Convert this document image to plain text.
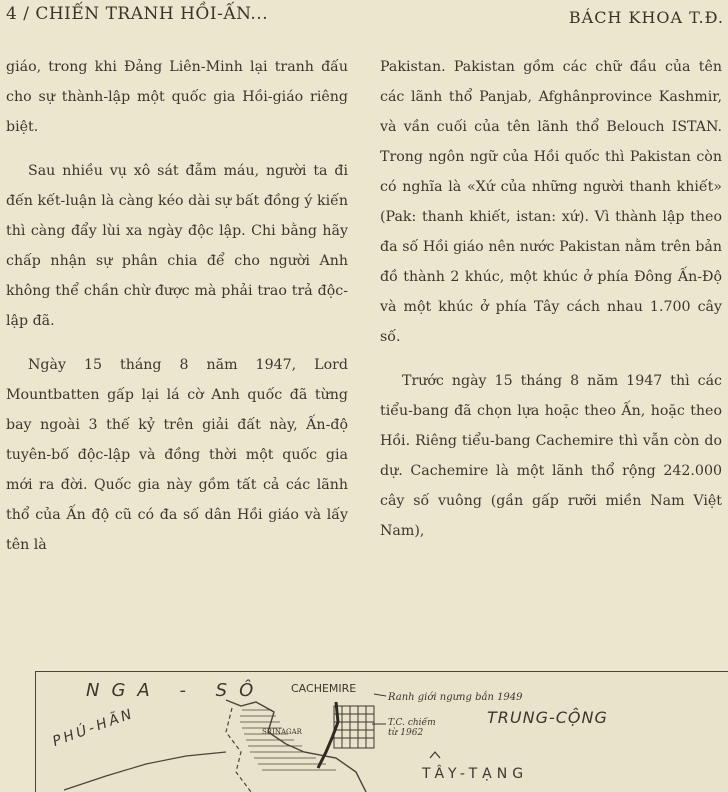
4 / CHIẾN TRANH HỒI-ẤN...	BÁCH KHOA T.Đ.

giáo, trong khi Đảng Liên-Minh lại tranh đấu cho sự thành-lập một quốc gia Hồi-giáo riêng biệt.

Sau nhiều vụ xô sát đẫm máu, người ta đi đến kết-luận là càng kéo dài sự bất đồng ý kiến thì càng đẩy lùi xa ngày độc lập. Chi bằng hãy chấp nhận sự phân chia để cho người Anh không thể chần chừ được mà phải trao trả độc-lập đã.

Ngày 15 tháng 8 năm 1947, Lord Mountbatten gấp lại lá cờ Anh quốc đã từng bay ngoài 3 thế kỷ trên giải đất này, Ấn-độ tuyên-bố độc-lập và đồng thời một quốc gia mới ra đời. Quốc gia này gồm tất cả các lãnh thổ của Ấn độ cũ có đa số dân Hồi giáo và lấy tên là

Pakistan. Pakistan gồm các chữ đầu của tên các lãnh thổ Panjab, Afghânprovince Kashmir, và vần cuối của tên lãnh thổ Belouch ISTAN. Trong ngôn ngữ của Hồi quốc thì Pakistan còn có nghĩa là «Xứ của những người thanh khiết» (Pak: thanh khiết, istan: xứ). Vì thành lập theo đa số Hồi giáo nên nước Pakistan nằm trên bản đồ thành 2 khúc, một khúc ở phía Đông Ấn-Độ và một khúc ở phía Tây cách nhau 1.700 cây số.

Trước ngày 15 tháng 8 năm 1947 thì các tiểu-bang đã chọn lựa hoặc theo Ấn, hoặc theo Hồi. Riêng tiểu-bang Cachemire thì vẫn còn do dự. Cachemire là một lãnh thổ rộng 242.000 cây số vuông (gần gấp rưỡi miền Nam Việt Nam),

NGA - SÔ CACHEMIRE
Ranh giới ngưng bắn 1949
T.C. chiếm
từ 1962
TRUNG-CỘNG
PHÚ-HÃN	SRINAGAR
TÂY-TẠNG
